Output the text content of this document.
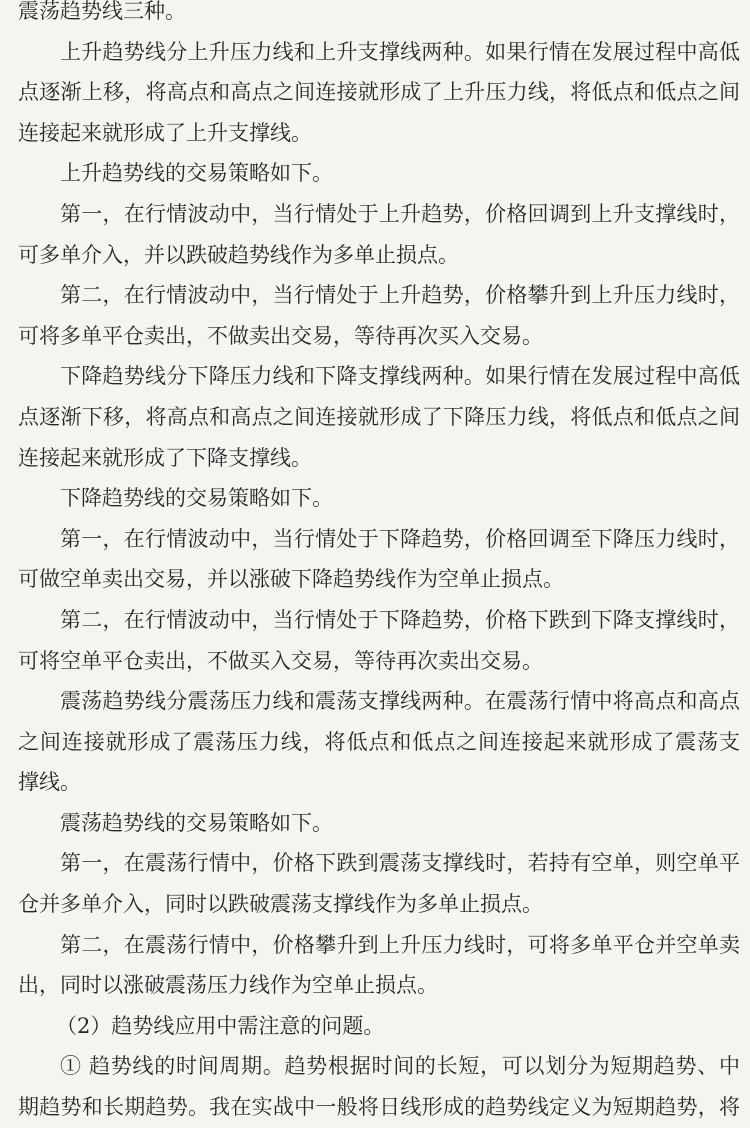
震荡趋势线三种。
上升趋势线分上升压力线和上升支撑线两种。如果行情在发展过程中高低
点逐渐上移，将高点和高点之间连接就形成了上升压力线，将低点和低点之间
连接起来就形成了上升支撑线。
上升趋势线的交易策略如下。
第一，在行情波动中，当行情处于上升趋势，价格回调到上升支撑线时，
可多单介入，并以跌破趋势线作为多单止损点。
第二，在行情波动中，当行情处于上升趋势，价格攀升到上升压力线时，
可将多单平仓卖出，不做卖出交易，等待再次买入交易。
下降趋势线分下降压力线和下降支撑线两种。如果行情在发展过程中高低
点逐渐下移，将高点和高点之间连接就形成了下降压力线，将低点和低点之间
连接起来就形成了下降支撑线。
下降趋势线的交易策略如下。
第一，在行情波动中，当行情处于下降趋势，价格回调至下降压力线时，
可做空单卖出交易，并以涨破下降趋势线作为空单止损点。
第二，在行情波动中，当行情处于下降趋势，价格下跌到下降支撑线时，
可将空单平仓卖出，不做买入交易，等待再次卖出交易。
震荡趋势线分震荡压力线和震荡支撑线两种。在震荡行情中将高点和高点
之间连接就形成了震荡压力线，将低点和低点之间连接起来就形成了震荡支
撑线。
震荡趋势线的交易策略如下。
第一，在震荡行情中，价格下跌到震荡支撑线时，若持有空单，则空单平
仓并多单介入，同时以跌破震荡支撑线作为多单止损点。
第二，在震荡行情中，价格攀升到上升压力线时，可将多单平仓并空单卖
出，同时以涨破震荡压力线作为空单止损点。
（2）趋势线应用中需注意的问题。
① 趋势线的时间周期。趋势根据时间的长短，可以划分为短期趋势、中
期趋势和长期趋势。我在实战中一般将日线形成的趋势线定义为短期趋势，将
